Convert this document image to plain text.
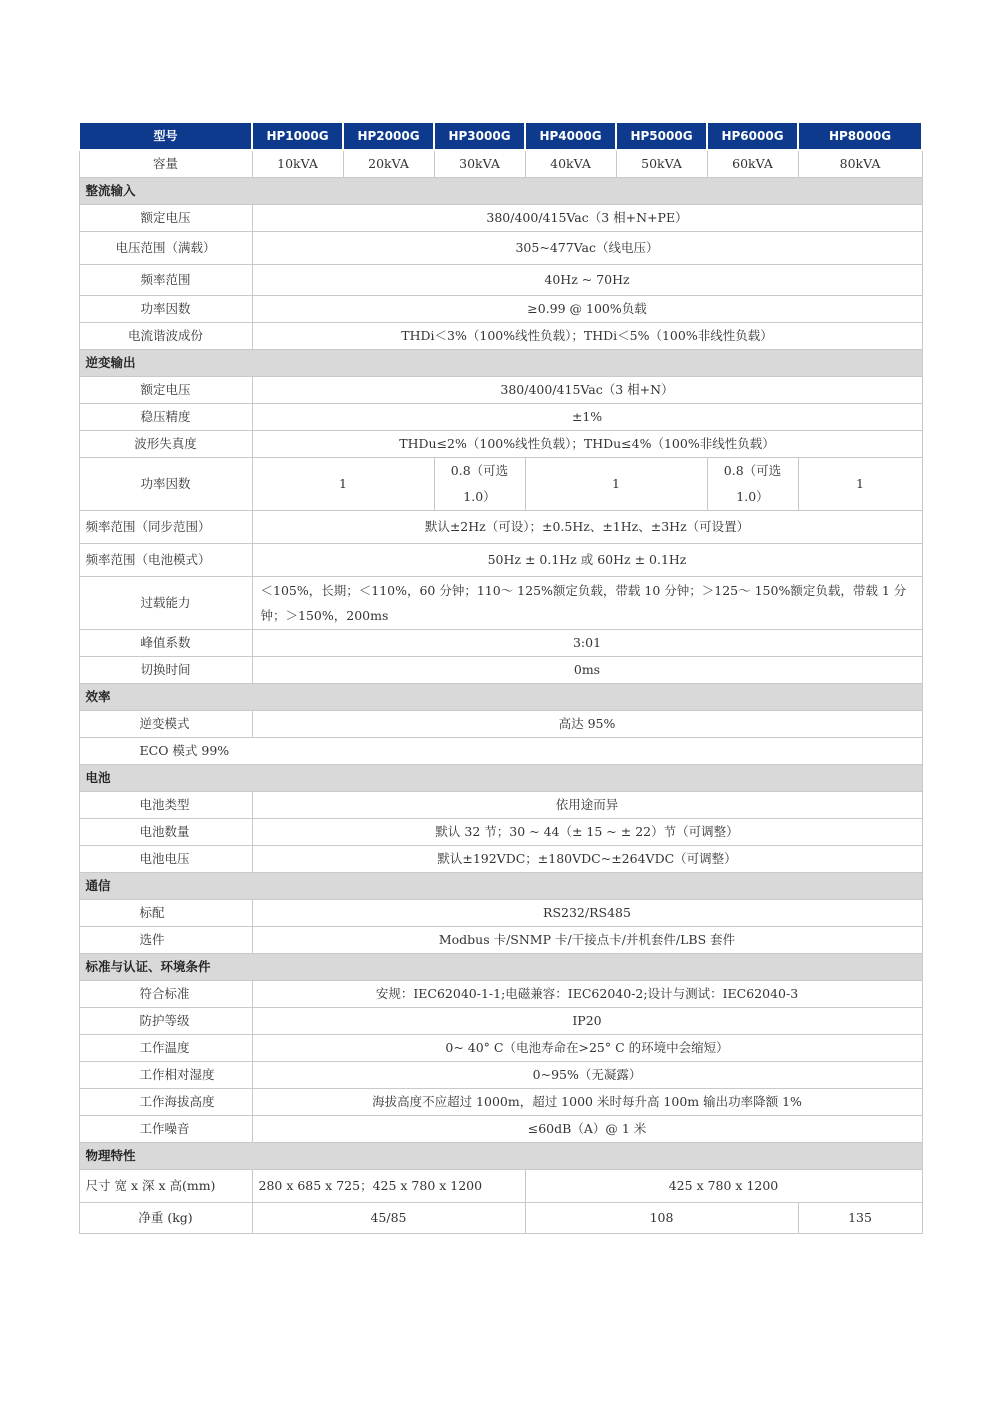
型号	HP1000G	HP2000G	HP3000G	HP4000G	HP5000G	HP6000G	HP8000G
容量	10kVA	20kVA	30kVA	40kVA	50kVA	60kVA	80kVA
整流输入							
额定电压	380/400/415Vac（3 相+N+PE）						
电压范围（满载）	305~477Vac（线电压）						
频率范围	40Hz ~ 70Hz						
功率因数	≥0.99 @ 100%负载						
电流谐波成份	THDi＜3%（100%线性负载）；THDi＜5%（100%非线性负载）						
逆变输出							
额定电压	380/400/415Vac（3 相+N）						
稳压精度	±1%						
波形失真度	THDu≤2%（100%线性负载）；THDu≤4%（100%非线性负载）						
功率因数	1		0.8（可选 1.0）	1		0.8（可选 1.0）	1
频率范围（同步范围）	默认±2Hz（可设）；±0.5Hz、±1Hz、±3Hz（可设置）						
频率范围（电池模式）	50Hz ± 0.1Hz 或 60Hz ± 0.1Hz						
过载能力	＜105%，长期；＜110%，60 分钟；110～ 125%额定负载，带载 10 分钟；＞125～ 150%额定负载，带载 1 分钟；＞150%，200ms						
峰值系数	3:01						
切换时间	0ms						
效率							
逆变模式	高达 95%						
ECO 模式 99%							
电池							
电池类型	依用途而异						
电池数量	默认 32 节；30 ~ 44（± 15 ~ ± 22）节（可调整）						
电池电压	默认±192VDC；±180VDC~±264VDC（可调整）						
通信							
标配	RS232/RS485						
选件	Modbus 卡/SNMP 卡/干接点卡/并机套件/LBS 套件						
标准与认证、环境条件							
符合标准	安规：IEC62040-1-1;电磁兼容：IEC62040-2;设计与测试：IEC62040-3						
防护等级	IP20						
工作温度	0~ 40° C（电池寿命在>25° C 的环境中会缩短）						
工作相对湿度	0~95%（无凝露）						
工作海拔高度	海拔高度不应超过 1000m，超过 1000 米时每升高 100m 输出功率降额 1%						
工作噪音	≤60dB（A）@ 1 米						
物理特性							
尺寸 宽 x 深 x 高(mm)	280 x 685 x 725；425 x 780 x 1200			425 x 780 x 1200			
净重 (kg)	45/85			108			135
